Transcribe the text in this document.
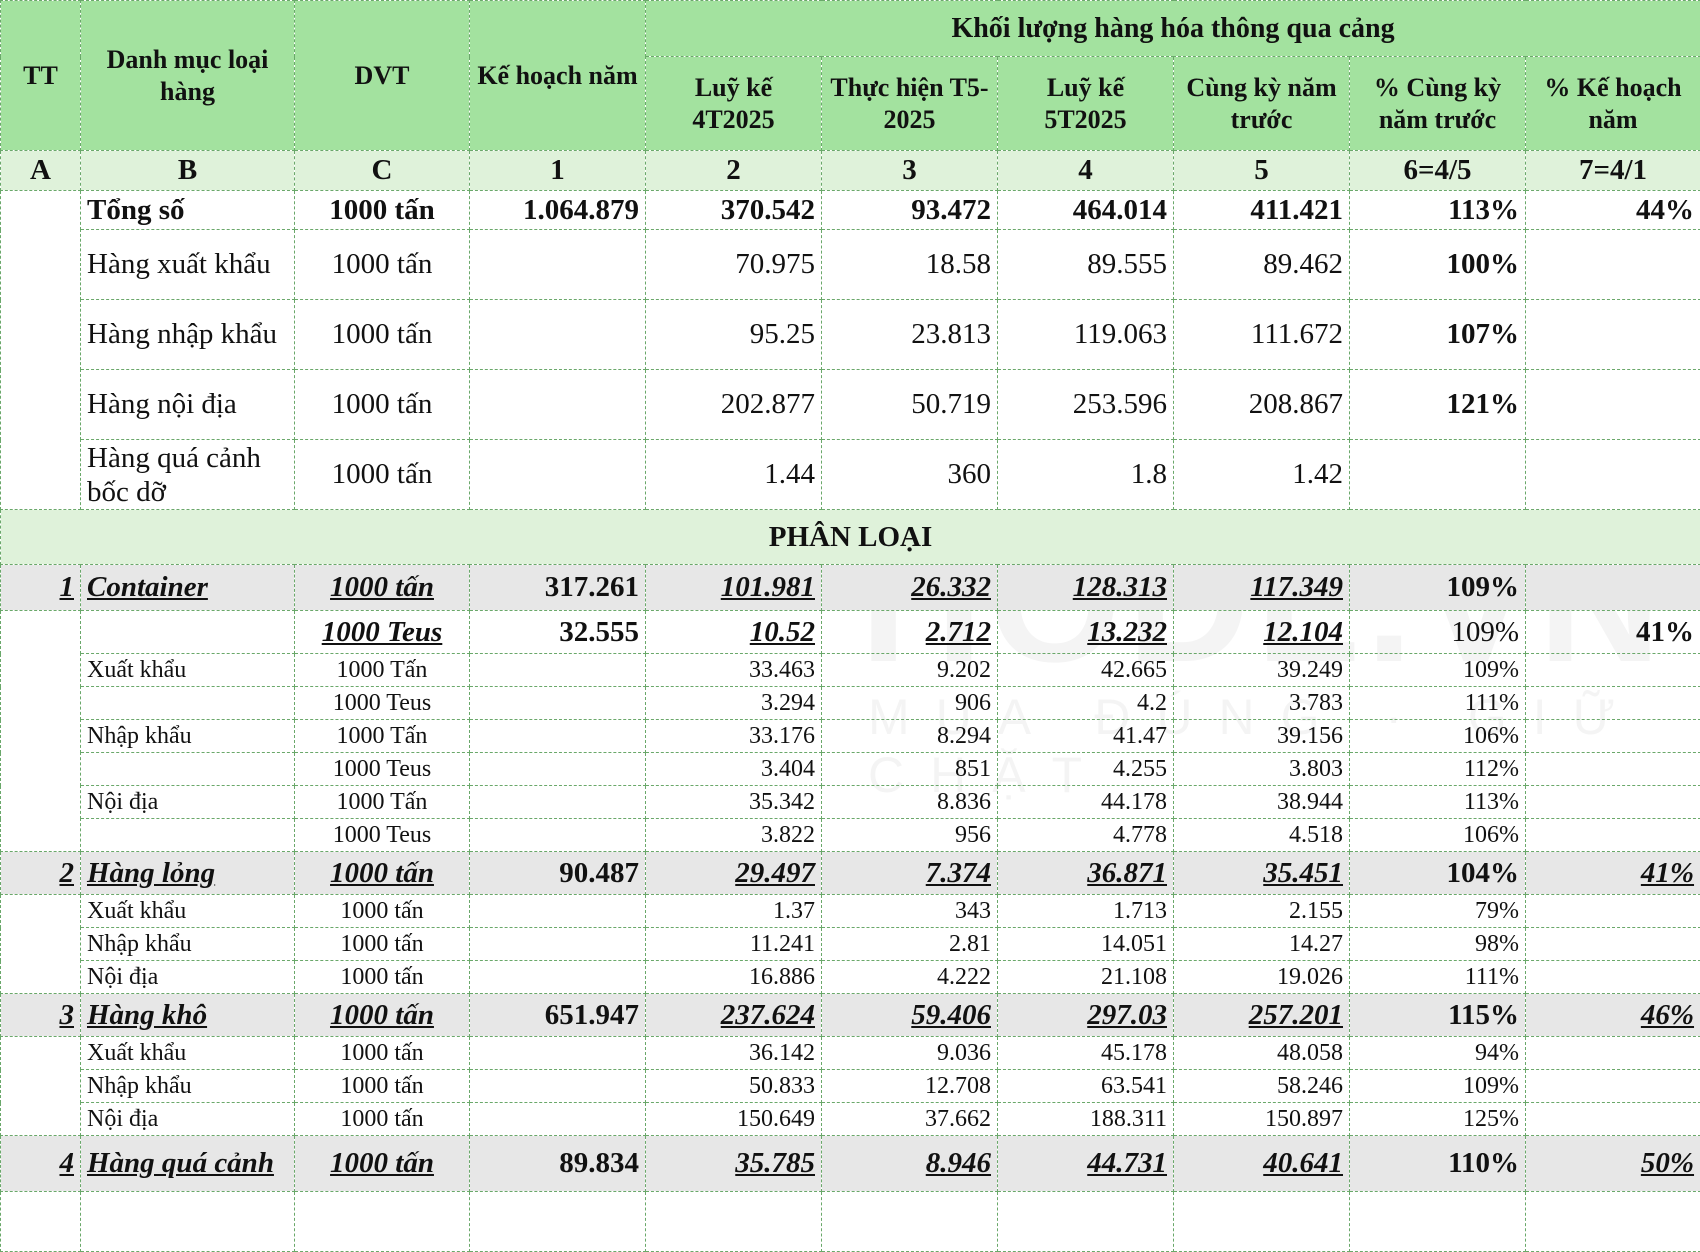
TT	Danh mục loại hàng	DVT	Kế hoạch năm	Khối lượng hàng hóa thông qua cảng					
				Luỹ kế 4T2025	Thực hiện T5-2025	Luỹ kế 5T2025	Cùng kỳ năm trước	% Cùng kỳ năm trước	% Kế hoạch năm
A	B	C	1	2	3	4	5	6=4/5	7=4/1
	Tổng số	1000 tấn	1.064.879	370.542	93.472	464.014	411.421	113%	44%
	Hàng xuất khẩu	1000 tấn		70.975	18.58	89.555	89.462	100%	
	Hàng nhập khẩu	1000 tấn		95.25	23.813	119.063	111.672	107%	
	Hàng nội địa	1000 tấn		202.877	50.719	253.596	208.867	121%	
	Hàng quá cảnh bốc dỡ	1000 tấn		1.44	360	1.8	1.42		
PHÂN LOẠI									
1	Container	1000 tấn	317.261	101.981	26.332	128.313	117.349	109%	
		1000 Teus	32.555	10.52	2.712	13.232	12.104	109%	41%
	Xuất khẩu	1000 Tấn		33.463	9.202	42.665	39.249	109%	
		1000 Teus		3.294	906	4.2	3.783	111%	
	Nhập khẩu	1000 Tấn		33.176	8.294	41.47	39.156	106%	
		1000 Teus		3.404	851	4.255	3.803	112%	
	Nội địa	1000 Tấn		35.342	8.836	44.178	38.944	113%	
		1000 Teus		3.822	956	4.778	4.518	106%	
2	Hàng lỏng	1000 tấn	90.487	29.497	7.374	36.871	35.451	104%	41%
	Xuất khẩu	1000 tấn		1.37	343	1.713	2.155	79%	
	Nhập khẩu	1000 tấn		11.241	2.81	14.051	14.27	98%	
	Nội địa	1000 tấn		16.886	4.222	21.108	19.026	111%	
3	Hàng khô	1000 tấn	651.947	237.624	59.406	297.03	257.201	115%	46%
	Xuất khẩu	1000 tấn		36.142	9.036	45.178	48.058	94%	
	Nhập khẩu	1000 tấn		50.833	12.708	63.541	58.246	109%	
	Nội địa	1000 tấn		150.649	37.662	188.311	150.897	125%	
4	Hàng quá cảnh	1000 tấn	89.834	35.785	8.946	44.731	40.641	110%	50%
